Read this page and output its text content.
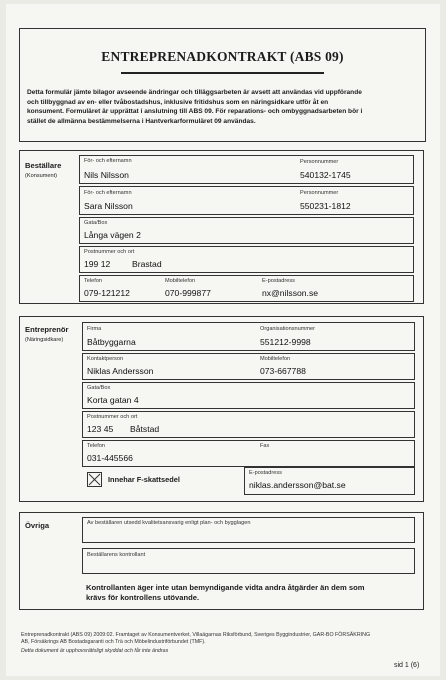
ENTREPRENADKONTRAKT (ABS 09)
Detta formulär jämte bilagor avseende ändringar och tilläggsarbeten är avsett att användas vid uppförande
och tillbyggnad av en- eller tvåbostadshus, inklusive fritidshus som en näringsidkare utför åt en
konsument. Formuläret är upprättat i anslutning till ABS 09. För reparations- och ombyggnadsarbeten bör i
stället de allmänna bestämmelserna i Hantverkarformuläret 09 användas.
Beställare
(Konsument)
För- och efternamn
Nils Nilsson
Personnummer
540132-1745
För- och efternamn
Sara Nilsson
Personnummer
550231-1812
Gata/Box
Långa vägen 2
Postnummer och ort
199 12	Brastad
Telefon
079-121212
Mobiltelefon
070-999877
E-postadress
nx@nilsson.se
Entreprenör
(Näringsidkare)
Firma
Båtbyggarna
Organisationsnummer
551212-9998
Kontaktperson
Niklas Andersson
Mobiltelefon
073-667788
Gata/Box
Korta gatan 4
Postnummer och ort
123 45 Båtstad
Telefon
031-445566
Fax
Innehar F-skattsedel
E-postadress
niklas.andersson@bat.se
Övriga	Av beställaren utsedd kvalitetsansvarig enligt plan- och bygglagen
Beställarens kontrollant
Kontrollanten äger inte utan bemyndigande vidta andra åtgärder än dem som
krävs för kontrollens utövande.
Entreprenadkontrakt (ABS 09) 2009:02. Framtaget av Konsumentverket, Villaägarnas Riksförbund, Sveriges Byggindustrier, GAR-BO FÖRSÄKRING
AB, Försäkrings AB Bostadsgaranti och Trä och Möbelindustriförbundet (TMF).
Detta dokument är upphovsrättsligt skyddat och får inte ändras
sid 1 (6)
